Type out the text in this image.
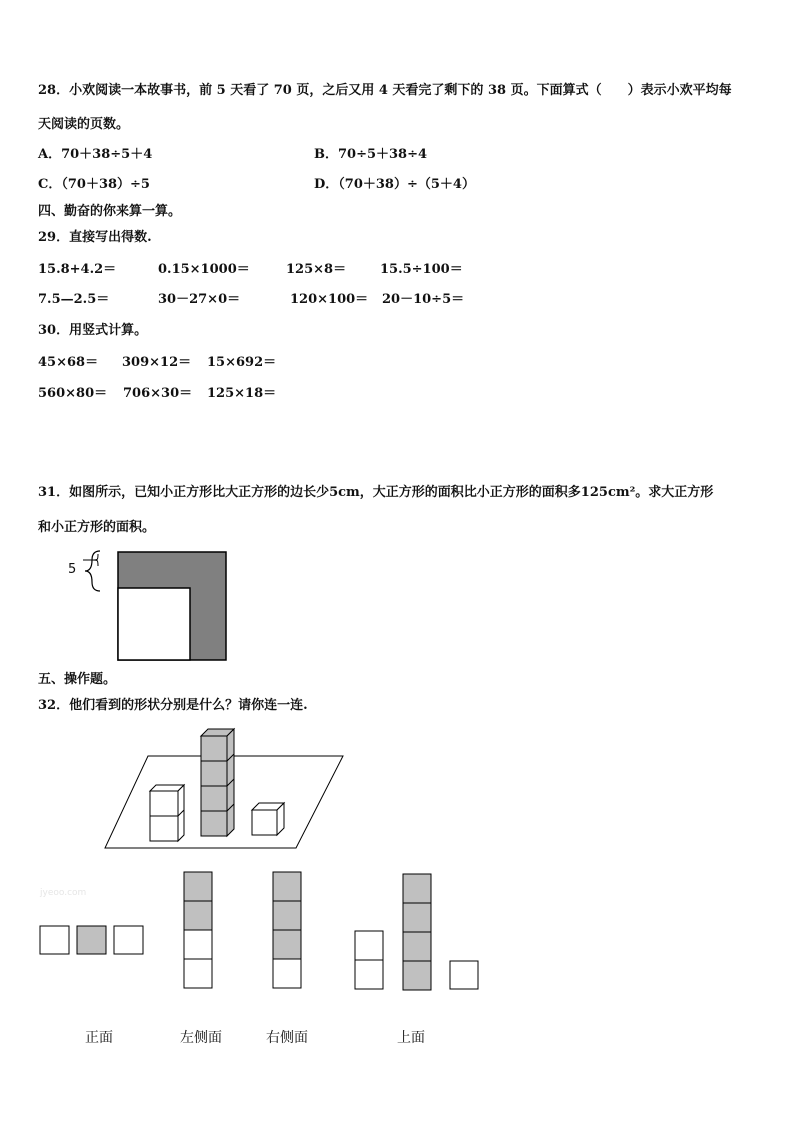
28．小欢阅读一本故事书，前 5 天看了 70 页，之后又用 4 天看完了剩下的 38 页。下面算式（　　）表示小欢平均每
天阅读的页数。
A．70＋38÷5＋4	B．70÷5＋38÷4
C．（70＋38）÷5	D．（70＋38）÷（5＋4）
四、勤奋的你来算一算。
29．直接写出得数.
15.8+4.2＝	0.15×1000＝	125×8＝	15.5÷100＝
7.5—2.5＝	30－27×0＝	120×100＝ 20－10÷5＝
30．用竖式计算。
45×68＝ 309×12＝ 15×692＝
560×80＝ 706×30＝ 125×18＝
31．如图所示，已知小正方形比大正方形的边长少5cm，大正方形的面积比小正方形的面积多125cm²。求大正方形
和小正方形的面积。
5
五、操作题。
32．他们看到的形状分别是什么？请你连一连.
jyeoo.com
正面	左侧面	右侧面	上面
